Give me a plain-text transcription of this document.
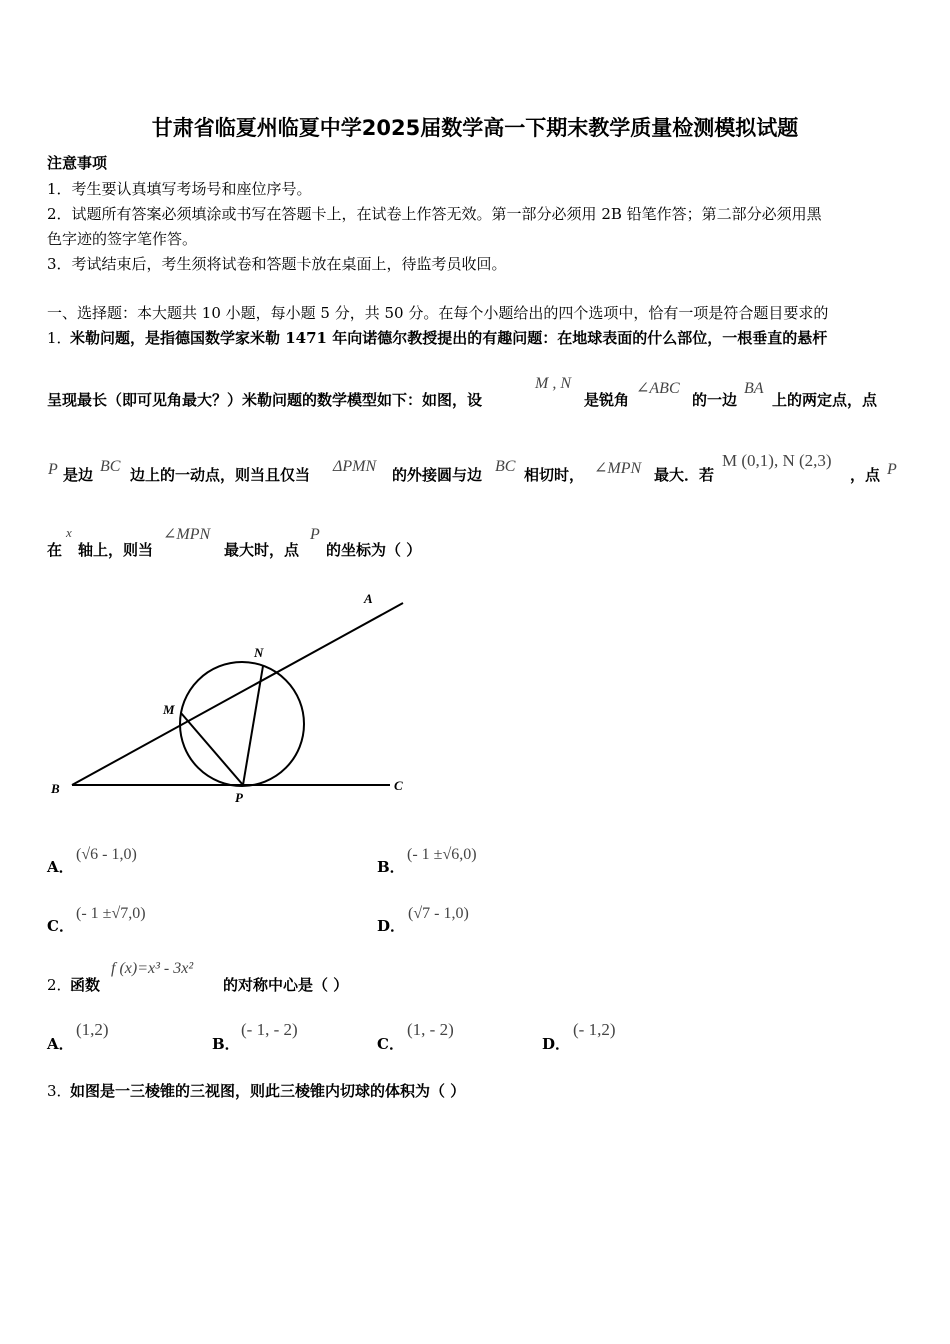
甘肃省临夏州临夏中学2025届数学高一下期末教学质量检测模拟试题
注意事项
1．考生要认真填写考场号和座位序号。
2．试题所有答案必须填涂或书写在答题卡上，在试卷上作答无效。第一部分必须用 2B 铅笔作答；第二部分必须用黑
色字迹的签字笔作答。
3．考试结束后，考生须将试卷和答题卡放在桌面上，待监考员收回。
一、选择题：本大题共 10 小题，每小题 5 分，共 50 分。在每个小题给出的四个选项中，恰有一项是符合题目要求的
1．
米勒问题，是指德国数学家米勒 1471 年向诺德尔教授提出的有趣问题：在地球表面的什么部位，一根垂直的悬杆
呈现最长（即可见角最大？）米勒问题的数学模型如下：如图，设
M , N
是锐角
∠ABC
的一边
BA
上的两定点，点
P 是边 BC 边上的一动点，则当且仅当 ΔPMN 的外接圆与边 BC 相切时， ∠MPN 最大．若
M (0,1), N (2,3)
，点 P
在
x
轴上，则当
∠MPN
最大时，点
P
的坐标为（ ）
A
N
M
B
P
C
A．
(√6 - 1,0)
B．
(- 1 ±√6,0)
C．
(- 1 ±√7,0)
D．
(√7 - 1,0)
2．
函数
f (x)=x³ - 3x²
的对称中心是（ ）
A．
(1,2)
B．
(- 1, - 2)
C．
(1, - 2)
D．
(- 1,2)
3．
如图是一三棱锥的三视图，则此三棱锥内切球的体积为（ ）
